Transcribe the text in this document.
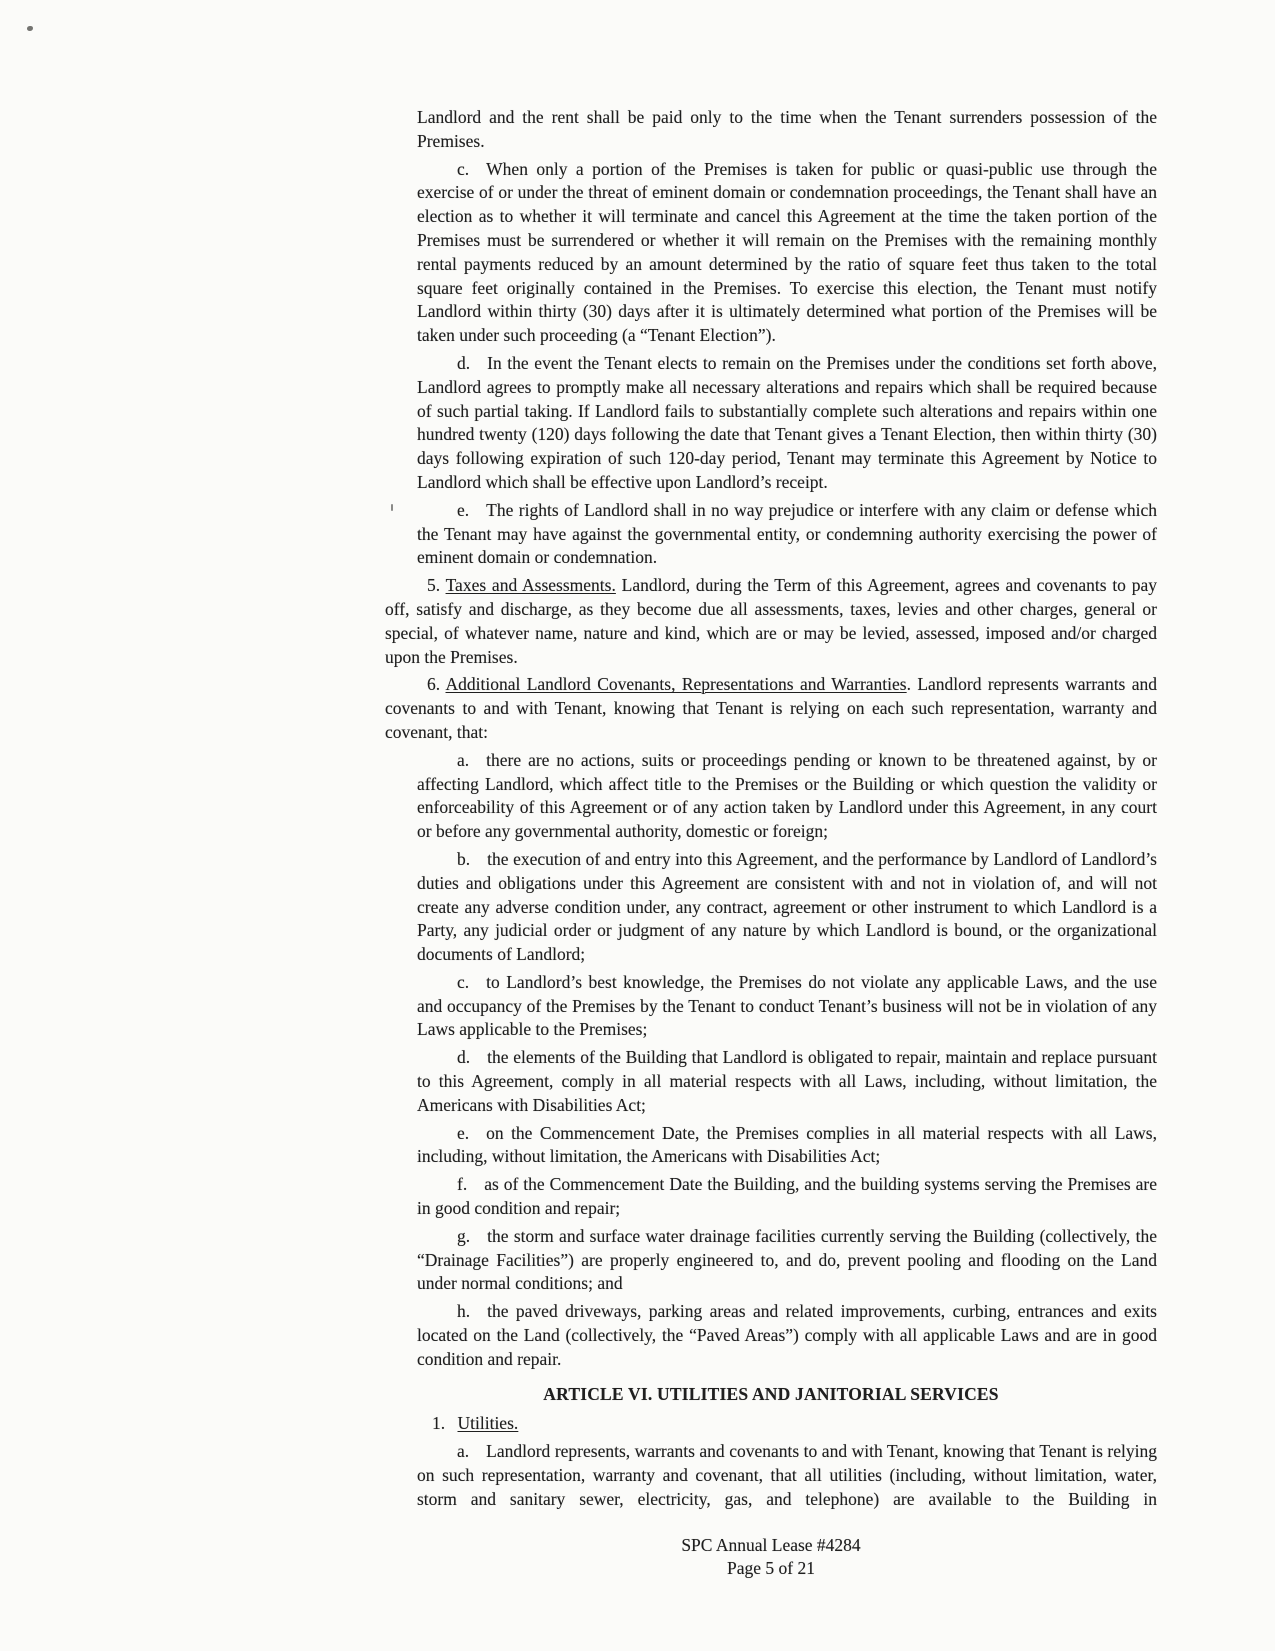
Landlord and the rent shall be paid only to the time when the Tenant surrenders possession of the Premises.

c. When only a portion of the Premises is taken for public or quasi-public use through the exercise of or under the threat of eminent domain or condemnation proceedings, the Tenant shall have an election as to whether it will terminate and cancel this Agreement at the time the taken portion of the Premises must be surrendered or whether it will remain on the Premises with the remaining monthly rental payments reduced by an amount determined by the ratio of square feet thus taken to the total square feet originally contained in the Premises. To exercise this election, the Tenant must notify Landlord within thirty (30) days after it is ultimately determined what portion of the Premises will be taken under such proceeding (a “Tenant Election”).

d. In the event the Tenant elects to remain on the Premises under the conditions set forth above, Landlord agrees to promptly make all necessary alterations and repairs which shall be required because of such partial taking. If Landlord fails to substantially complete such alterations and repairs within one hundred twenty (120) days following the date that Tenant gives a Tenant Election, then within thirty (30) days following expiration of such 120-day period, Tenant may terminate this Agreement by Notice to Landlord which shall be effective upon Landlord’s receipt.

e. The rights of Landlord shall in no way prejudice or interfere with any claim or defense which the Tenant may have against the governmental entity, or condemning authority exercising the power of eminent domain or condemnation.

5. Taxes and Assessments. Landlord, during the Term of this Agreement, agrees and covenants to pay off, satisfy and discharge, as they become due all assessments, taxes, levies and other charges, general or special, of whatever name, nature and kind, which are or may be levied, assessed, imposed and/or charged upon the Premises.

6. Additional Landlord Covenants, Representations and Warranties. Landlord represents warrants and covenants to and with Tenant, knowing that Tenant is relying on each such representation, warranty and covenant, that:

a. there are no actions, suits or proceedings pending or known to be threatened against, by or affecting Landlord, which affect title to the Premises or the Building or which question the validity or enforceability of this Agreement or of any action taken by Landlord under this Agreement, in any court or before any governmental authority, domestic or foreign;

b. the execution of and entry into this Agreement, and the performance by Landlord of Landlord’s duties and obligations under this Agreement are consistent with and not in violation of, and will not create any adverse condition under, any contract, agreement or other instrument to which Landlord is a Party, any judicial order or judgment of any nature by which Landlord is bound, or the organizational documents of Landlord;

c. to Landlord’s best knowledge, the Premises do not violate any applicable Laws, and the use and occupancy of the Premises by the Tenant to conduct Tenant’s business will not be in violation of any Laws applicable to the Premises;

d. the elements of the Building that Landlord is obligated to repair, maintain and replace pursuant to this Agreement, comply in all material respects with all Laws, including, without limitation, the Americans with Disabilities Act;

e. on the Commencement Date, the Premises complies in all material respects with all Laws, including, without limitation, the Americans with Disabilities Act;

f. as of the Commencement Date the Building, and the building systems serving the Premises are in good condition and repair;

g. the storm and surface water drainage facilities currently serving the Building (collectively, the “Drainage Facilities”) are properly engineered to, and do, prevent pooling and flooding on the Land under normal conditions; and

h. the paved driveways, parking areas and related improvements, curbing, entrances and exits located on the Land (collectively, the “Paved Areas”) comply with all applicable Laws and are in good condition and repair.

ARTICLE VI. UTILITIES AND JANITORIAL SERVICES

1. Utilities.

a. Landlord represents, warrants and covenants to and with Tenant, knowing that Tenant is relying on such representation, warranty and covenant, that all utilities (including, without limitation, water, storm and sanitary sewer, electricity, gas, and telephone) are available to the Building in

SPC Annual Lease #4284

Page 5 of 21
